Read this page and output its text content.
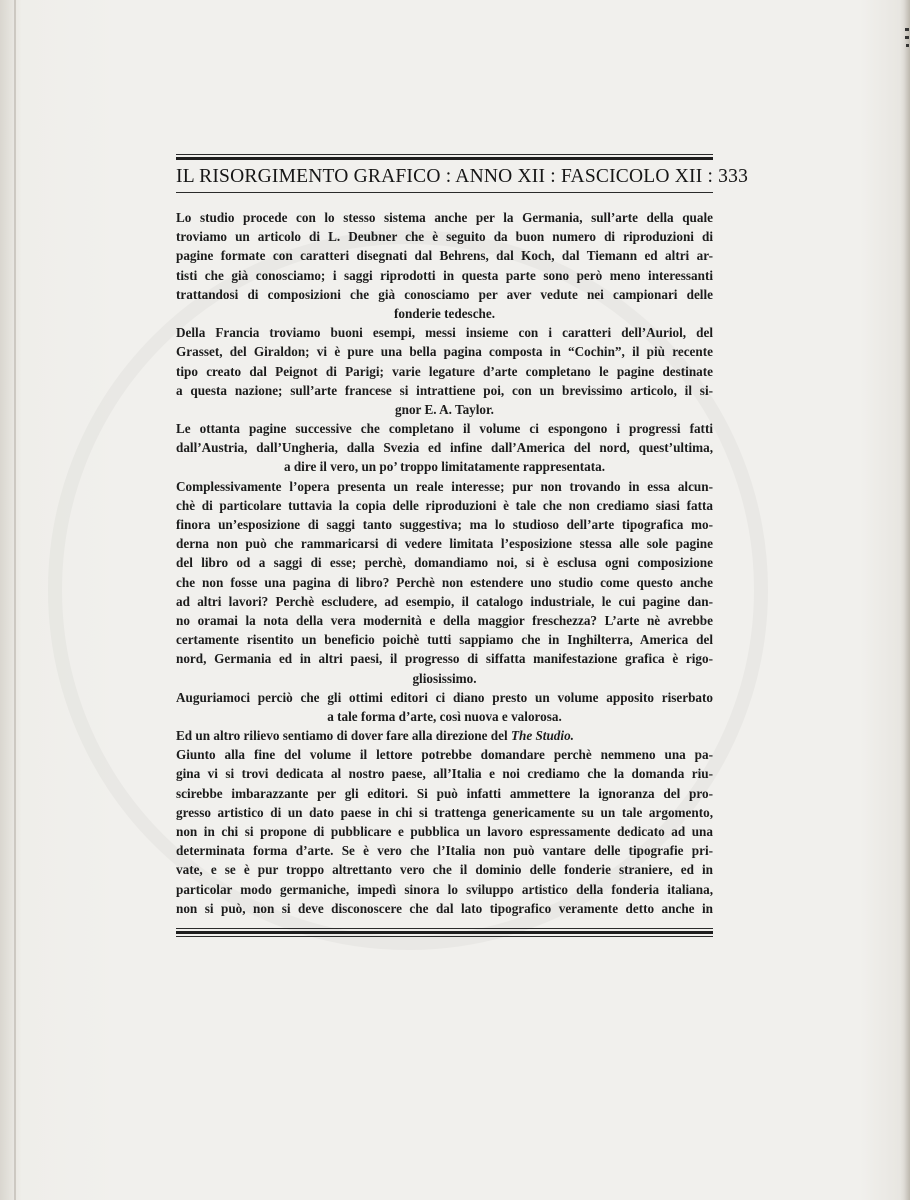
IL RISORGIMENTO GRAFICO : ANNO XII : FASCICOLO XII : 333
Lo studio procede con lo stesso sistema anche per la Germania, sull’arte della quale
troviamo un articolo di L. Deubner che è seguito da buon numero di riproduzioni di
pagine formate con caratteri disegnati dal Behrens, dal Koch, dal Tiemann ed altri ar-
tisti che già conosciamo; i saggi riprodotti in questa parte sono però meno interessanti
trattandosi di composizioni che già conosciamo per aver vedute nei campionari delle
fonderie tedesche.
Della Francia troviamo buoni esempi, messi insieme con i caratteri dell’Auriol, del
Grasset, del Giraldon; vi è pure una bella pagina composta in “Cochin”, il più recente
tipo creato dal Peignot di Parigi; varie legature d’arte completano le pagine destinate
a questa nazione; sull’arte francese si intrattiene poi, con un brevissimo articolo, il si-
gnor E. A. Taylor.
Le ottanta pagine successive che completano il volume ci espongono i progressi fatti
dall’Austria, dall’Ungheria, dalla Svezia ed infine dall’America del nord, quest’ultima,
a dire il vero, un po’ troppo limitatamente rappresentata.
Complessivamente l’opera presenta un reale interesse; pur non trovando in essa alcun-
chè di particolare tuttavia la copia delle riproduzioni è tale che non crediamo siasi fatta
finora un’esposizione di saggi tanto suggestiva; ma lo studioso dell’arte tipografica mo-
derna non può che rammaricarsi di vedere limitata l’esposizione stessa alle sole pagine
del libro od a saggi di esse; perchè, domandiamo noi, si è esclusa ogni composizione
che non fosse una pagina di libro? Perchè non estendere uno studio come questo anche
ad altri lavori? Perchè escludere, ad esempio, il catalogo industriale, le cui pagine dan-
no oramai la nota della vera modernità e della maggior freschezza? L’arte nè avrebbe
certamente risentito un beneficio poichè tutti sappiamo che in Inghilterra, America del
nord, Germania ed in altri paesi, il progresso di siffatta manifestazione grafica è rigo-
gliosissimo.
Auguriamoci perciò che gli ottimi editori ci diano presto un volume apposito riserbato
a tale forma d’arte, così nuova e valorosa.
Ed un altro rilievo sentiamo di dover fare alla direzione del The Studio.
Giunto alla fine del volume il lettore potrebbe domandare perchè nemmeno una pa-
gina vi si trovi dedicata al nostro paese, all’Italia e noi crediamo che la domanda riu-
scirebbe imbarazzante per gli editori. Si può infatti ammettere la ignoranza del pro-
gresso artistico di un dato paese in chi si trattenga genericamente su un tale argomento,
non in chi si propone di pubblicare e pubblica un lavoro espressamente dedicato ad una
determinata forma d’arte. Se è vero che l’Italia non può vantare delle tipografie pri-
vate, e se è pur troppo altrettanto vero che il dominio delle fonderie straniere, ed in
particolar modo germaniche, impedì sinora lo sviluppo artistico della fonderia italiana,
non si può, non si deve disconoscere che dal lato tipografico veramente detto anche in
